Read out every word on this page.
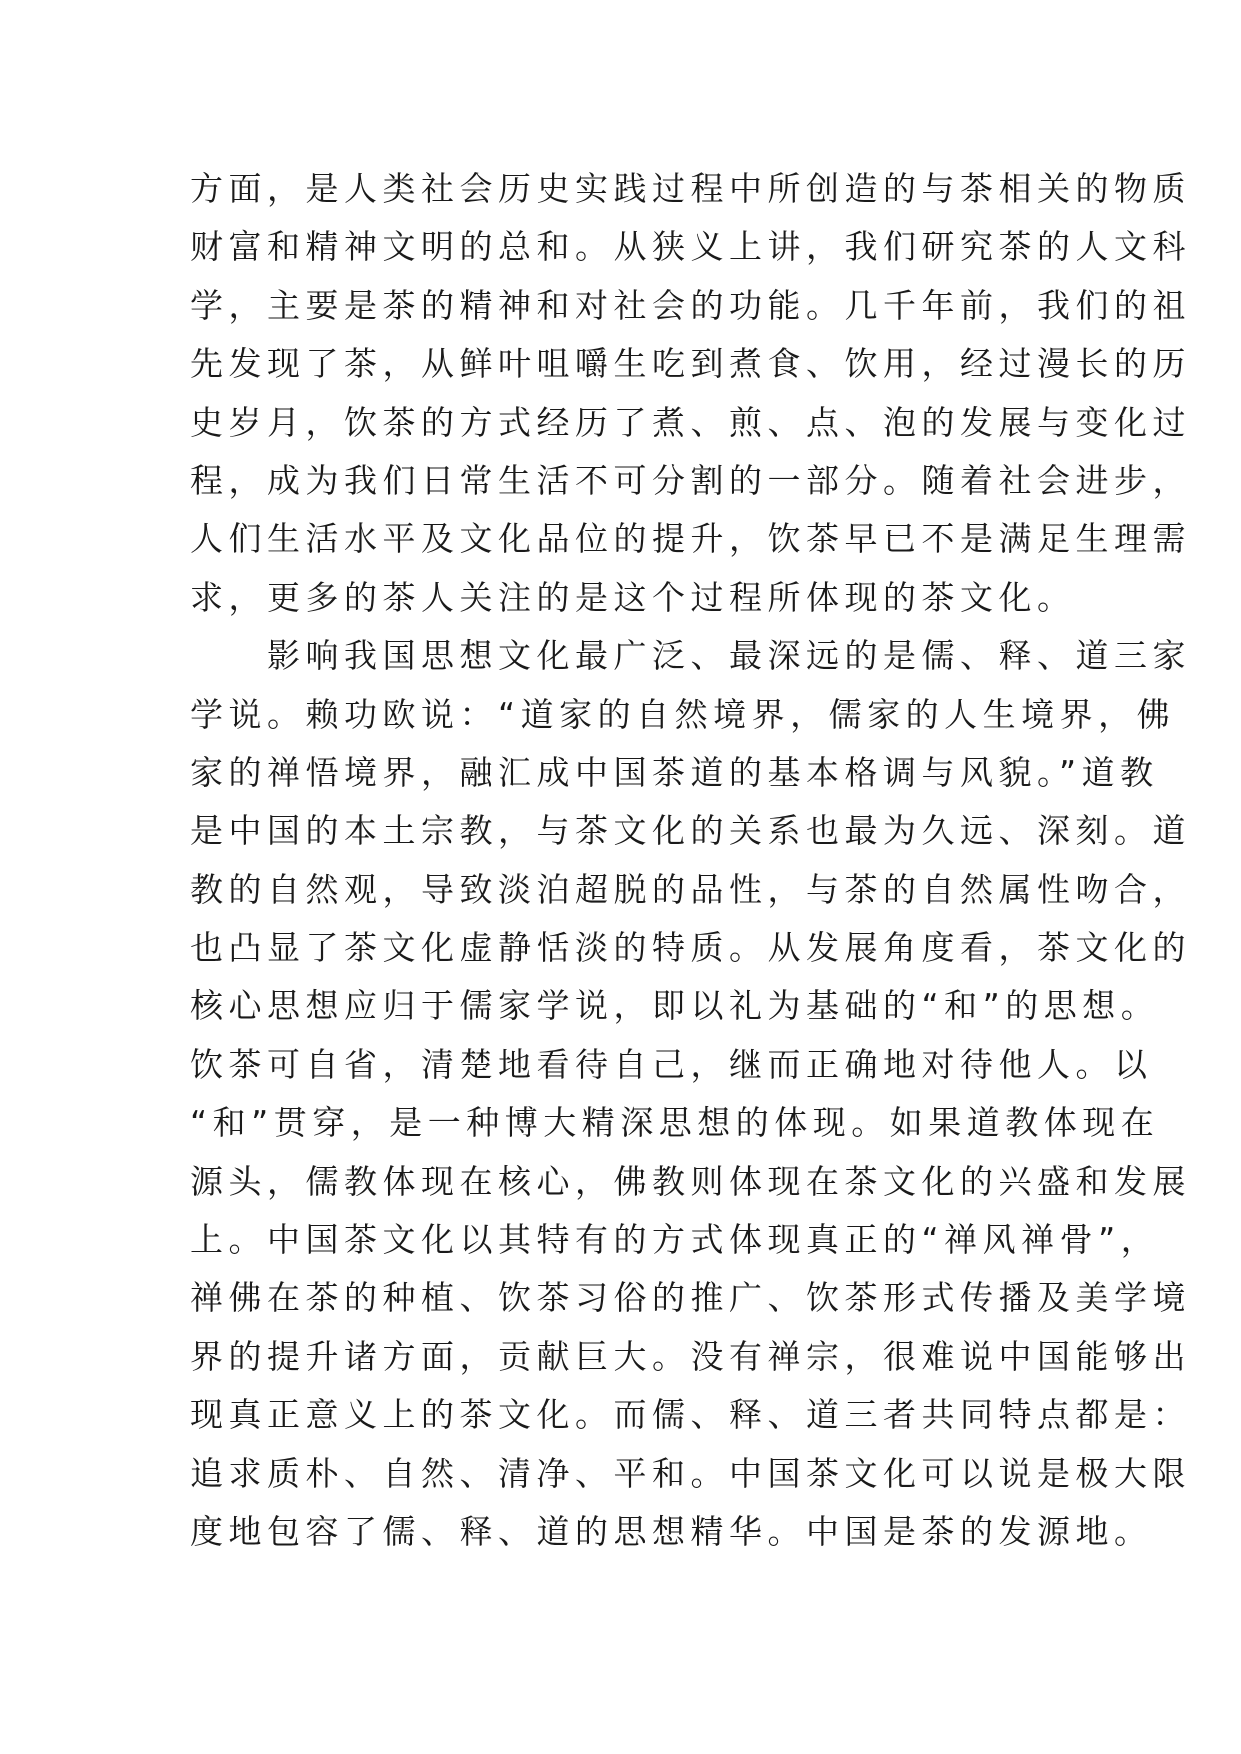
方面，是人类社会历史实践过程中所创造的与茶相关的物质
财富和精神文明的总和。从狭义上讲，我们研究茶的人文科
学，主要是茶的精神和对社会的功能。几千年前，我们的祖
先发现了茶，从鲜叶咀嚼生吃到煮食、饮用，经过漫长的历
史岁月，饮茶的方式经历了煮、煎、点、泡的发展与变化过
程，成为我们日常生活不可分割的一部分。随着社会进步，
人们生活水平及文化品位的提升，饮茶早已不是满足生理需
求，更多的茶人关注的是这个过程所体现的茶文化。
　　影响我国思想文化最广泛、最深远的是儒、释、道三家
学说。赖功欧说：“道家的自然境界，儒家的人生境界，佛
家的禅悟境界，融汇成中国茶道的基本格调与风貌。”道教
是中国的本土宗教，与茶文化的关系也最为久远、深刻。道
教的自然观，导致淡泊超脱的品性，与茶的自然属性吻合，
也凸显了茶文化虚静恬淡的特质。从发展角度看，茶文化的
核心思想应归于儒家学说，即以礼为基础的“和”的思想。
饮茶可自省，清楚地看待自己，继而正确地对待他人。以
“和”贯穿，是一种博大精深思想的体现。如果道教体现在
源头，儒教体现在核心，佛教则体现在茶文化的兴盛和发展
上。中国茶文化以其特有的方式体现真正的“禅风禅骨”，
禅佛在茶的种植、饮茶习俗的推广、饮茶形式传播及美学境
界的提升诸方面，贡献巨大。没有禅宗，很难说中国能够出
现真正意义上的茶文化。而儒、释、道三者共同特点都是：
追求质朴、自然、清净、平和。中国茶文化可以说是极大限
度地包容了儒、释、道的思想精华。中国是茶的发源地。
